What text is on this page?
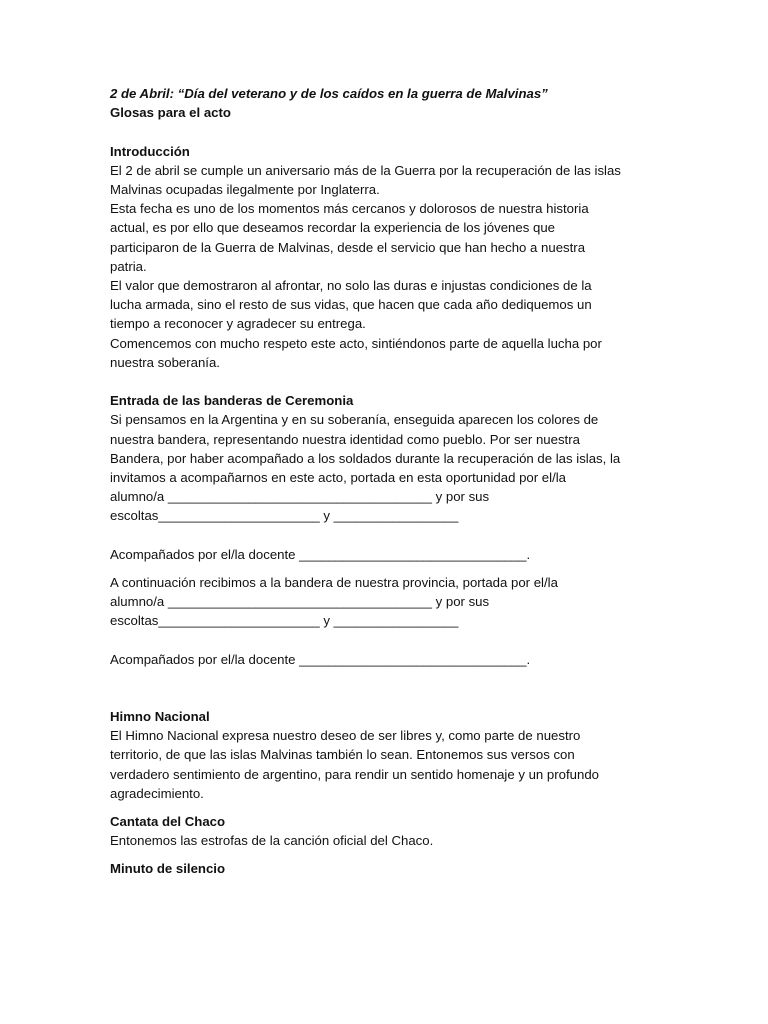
2 de Abril: “Día del veterano y de los caídos en la guerra de Malvinas”

Glosas para el acto

Introducción

El 2 de abril se cumple un aniversario más de la Guerra por la recuperación de las islas

Malvinas ocupadas ilegalmente por Inglaterra.

Esta fecha es uno de los momentos más cercanos y dolorosos de nuestra historia

actual, es por ello que deseamos recordar la experiencia de los jóvenes que

participaron de la Guerra de Malvinas, desde el servicio que han hecho a nuestra

patria.

El valor que demostraron al afrontar, no solo las duras e injustas condiciones de la

lucha armada, sino el resto de sus vidas, que hacen que cada año dediquemos un

tiempo a reconocer y agradecer su entrega.

Comencemos con mucho respeto este acto, sintiéndonos parte de aquella lucha por

nuestra soberanía.

Entrada de las banderas de Ceremonia

Si pensamos en la Argentina y en su soberanía, enseguida aparecen los colores de

nuestra bandera, representando nuestra identidad como pueblo. Por ser nuestra

Bandera, por haber acompañado a los soldados durante la recuperación de las islas, la

invitamos a acompañarnos en este acto, portada en esta oportunidad por el/la

alumno/a ____________________________________ y por sus

escoltas______________________ y _________________

Acompañados por el/la docente _______________________________.

A continuación recibimos a la bandera de nuestra provincia, portada por el/la

alumno/a ____________________________________ y por sus

escoltas______________________ y _________________

Acompañados por el/la docente _______________________________.

Himno Nacional

El Himno Nacional expresa nuestro deseo de ser libres y, como parte de nuestro

territorio, de que las islas Malvinas también lo sean. Entonemos sus versos con

verdadero sentimiento de argentino, para rendir un sentido homenaje y un profundo

agradecimiento.

Cantata del Chaco

Entonemos las estrofas de la canción oficial del Chaco.

Minuto de silencio
